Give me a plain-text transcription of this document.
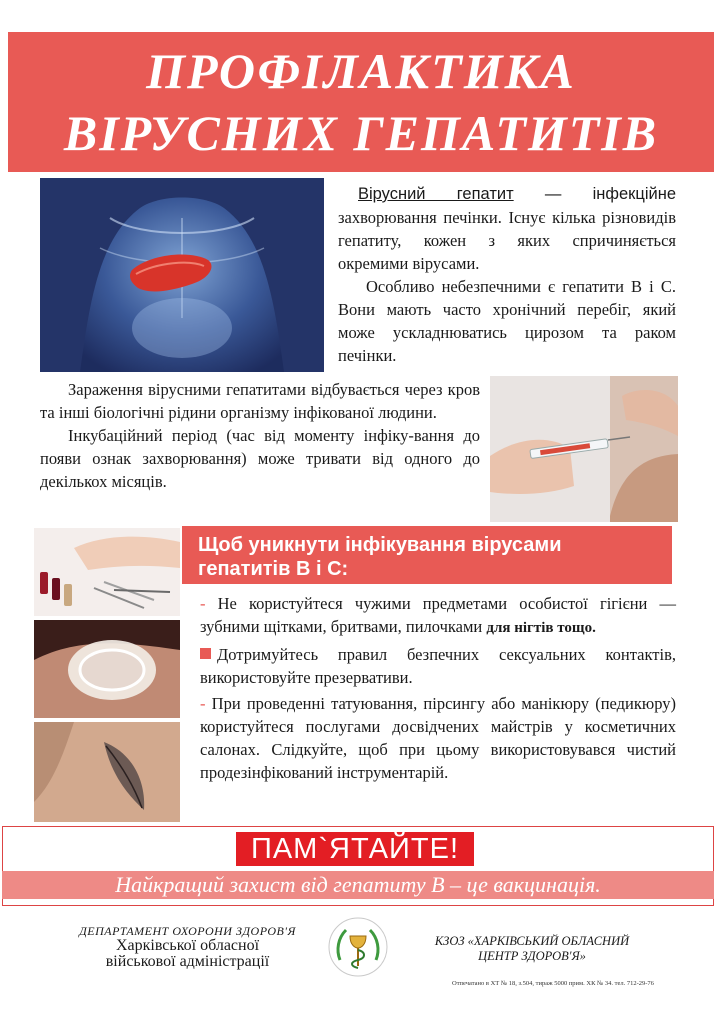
ПРОФІЛАКТИКА
ВІРУСНИХ ГЕПАТИТІВ

Вірусний гепатит — інфекційне захворювання печінки. Існує кілька різновидів гепатиту, кожен з яких спричиняється окремими вірусами.

Особливо небезпечними є гепатити В і С. Вони мають часто хронічний перебіг, який може ускладнюватись цирозом та раком печінки.

Зараження вірусними гепатитами відбувається через кров та інші біологічні рідини організму інфікованої людини.

Інкубаційний період (час від моменту інфіку-вання до появи ознак захворювання) може тривати від одного до декількох місяців.

Щоб уникнути інфікування вірусами
гепатитів В і С:

- Не користуйтеся чужими предметами особистої гігієни — зубними щітками, бритвами, пилочками для нігтів тощо.

Дотримуйтесь правил безпечних сексуальних контактів, використовуйте презервативи.

- При проведенні татуювання, пірсингу або манікюру (педикюру) користуйтеся послугами досвідчених майстрів у косметичних салонах. Слідкуйте, щоб при цьому використовувався чистий продезінфікований інструментарій.

ПАМ`ЯТАЙТЕ!
Найкращий захист від гепатиту В – це вакцинація.
ДЕПАРТАМЕНТ ОХОРОНИ ЗДОРОВ'Я
Харківської обласної
військової адміністрації
КЗОЗ «ХАРКІВСЬКИЙ ОБЛАСНИЙ
ЦЕНТР ЗДОРОВ'Я»
Отпечатано в ХТ № 18, з.504, тираж 5000 прим. ХК № 34. тел. 712-29-76
